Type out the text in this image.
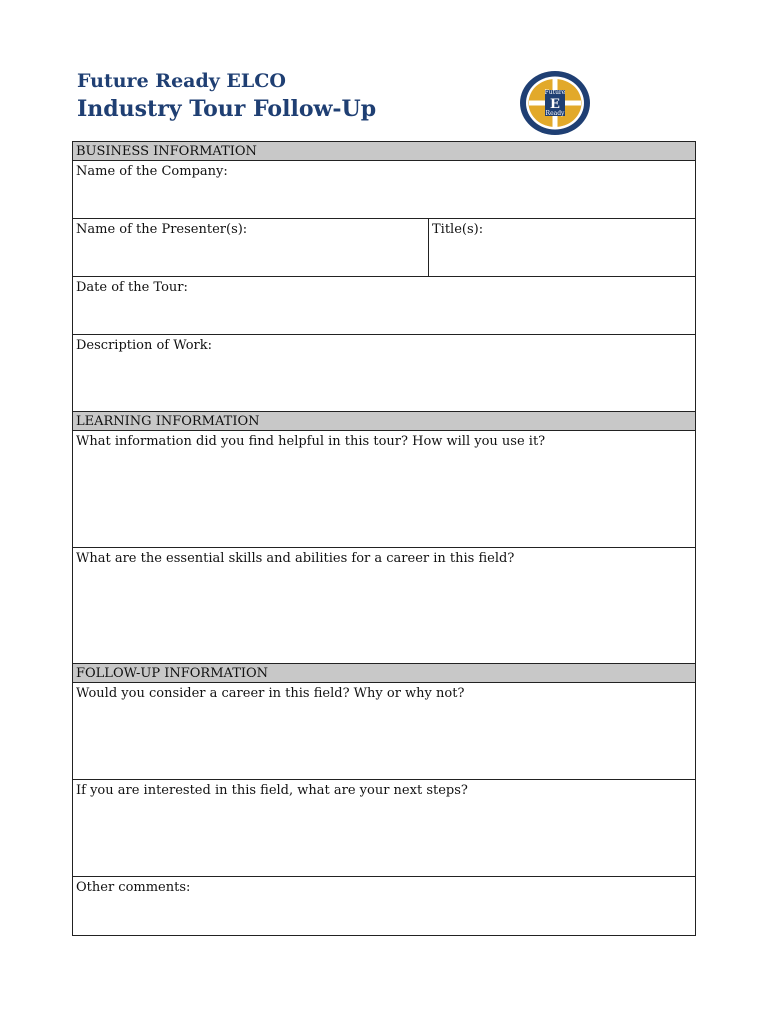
Future Ready ELCO

Industry Tour Follow-Up

Future
E
Ready
BUSINESS INFORMATION
Name of the Company:
Name of the Presenter(s):	Title(s):
Date of the Tour:
Description of Work:
LEARNING INFORMATION
What information did you find helpful in this tour? How will you use it?
What are the essential skills and abilities for a career in this field?
FOLLOW-UP INFORMATION
Would you consider a career in this field? Why or why not?
If you are interested in this field, what are your next steps?
Other comments:
